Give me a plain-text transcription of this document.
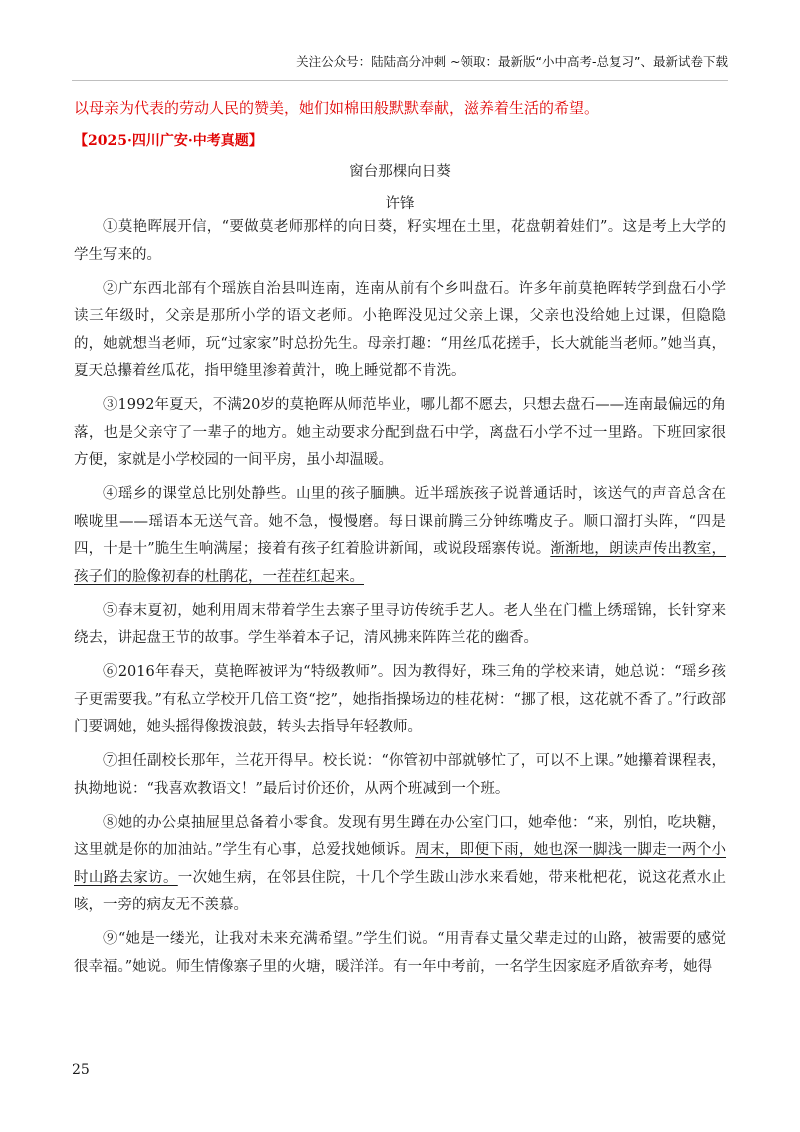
关注公众号：陆陆高分冲刺 ~领取：最新版“小中高考-总复习”、最新试卷下载
以母亲为代表的劳动人民的赞美，她们如棉田般默默奉献，滋养着生活的希望。
【2025·四川广安·中考真题】
窗台那棵向日葵
许锋

①莫艳晖展开信，“要做莫老师那样的向日葵，籽实埋在土里，花盘朝着娃们”。这是考上大学的学生写来的。

②广东西北部有个瑶族自治县叫连南，连南从前有个乡叫盘石。许多年前莫艳晖转学到盘石小学读三年级时，父亲是那所小学的语文老师。小艳晖没见过父亲上课，父亲也没给她上过课，但隐隐的，她就想当老师，玩“过家家”时总扮先生。母亲打趣：“用丝瓜花搓手，长大就能当老师。”她当真，夏天总攥着丝瓜花，指甲缝里渗着黄汁，晚上睡觉都不肯洗。

③1992年夏天，不满20岁的莫艳晖从师范毕业，哪儿都不愿去，只想去盘石——连南最偏远的角落，也是父亲守了一辈子的地方。她主动要求分配到盘石中学，离盘石小学不过一里路。下班回家很方便，家就是小学校园的一间平房，虽小却温暖。

④瑶乡的课堂总比别处静些。山里的孩子腼腆。近半瑶族孩子说普通话时，该送气的声音总含在喉咙里——瑶语本无送气音。她不急，慢慢磨。每日课前腾三分钟练嘴皮子。顺口溜打头阵，“四是四，十是十”脆生生响满屋；接着有孩子红着脸讲新闻，或说段瑶寨传说。渐渐地，朗读声传出教室，孩子们的脸像初春的杜鹃花，一茬茬红起来。

⑤春末夏初，她利用周末带着学生去寨子里寻访传统手艺人。老人坐在门槛上绣瑶锦，长针穿来绕去，讲起盘王节的故事。学生举着本子记，清风拂来阵阵兰花的幽香。

⑥2016年春天，莫艳晖被评为“特级教师”。因为教得好，珠三角的学校来请，她总说：“瑶乡孩子更需要我。”有私立学校开几倍工资“挖”，她指指操场边的桂花树：“挪了根，这花就不香了。”行政部门要调她，她头摇得像拨浪鼓，转头去指导年轻教师。

⑦担任副校长那年，兰花开得早。校长说：“你管初中部就够忙了，可以不上课。”她攥着课程表，执拗地说：“我喜欢教语文！”最后讨价还价，从两个班减到一个班。

⑧她的办公桌抽屉里总备着小零食。发现有男生蹲在办公室门口，她牵他：“来，别怕，吃块糖，这里就是你的加油站。”学生有心事，总爱找她倾诉。周末，即便下雨，她也深一脚浅一脚走一两个小时山路去家访。一次她生病，在邻县住院，十几个学生跋山涉水来看她，带来枇杷花，说这花煮水止咳，一旁的病友无不羡慕。

⑨“她是一缕光，让我对未来充满希望。”学生们说。“用青春丈量父辈走过的山路，被需要的感觉很幸福。”她说。师生情像寨子里的火塘，暖洋洋。有一年中考前，一名学生因家庭矛盾欲弃考，她得

25
